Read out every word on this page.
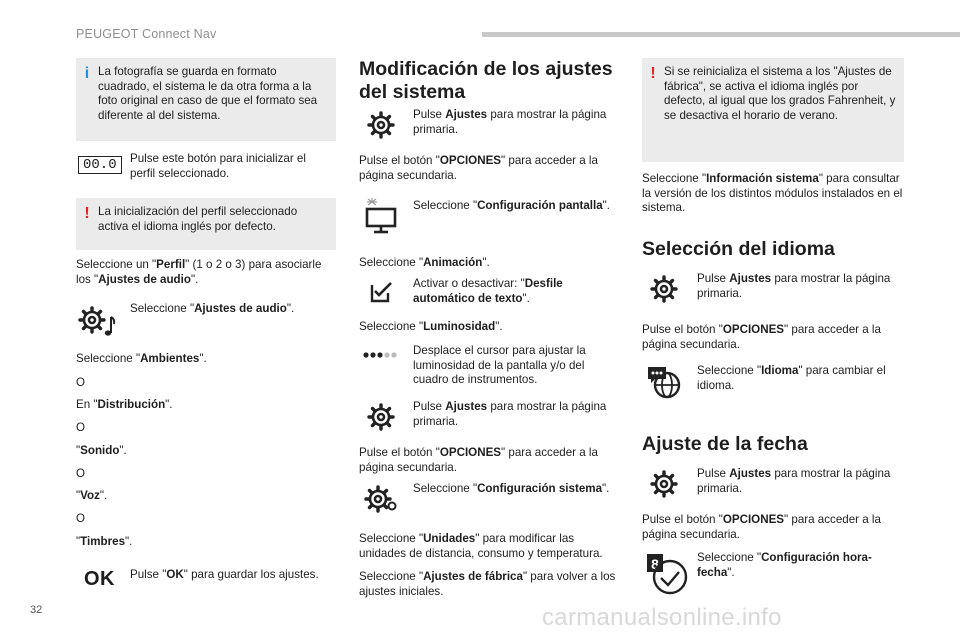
PEUGEOT Connect Nav
32	carmanualsonline.info
i La fotografía se guarda en formato cuadrado, el sistema le da otra forma a la foto original en caso de que el formato sea diferente al del sistema.

00.0	Pulse este botón para inicializar el perfil seleccionado.

! La inicialización del perfil seleccionado activa el idioma inglés por defecto.

Seleccione un "Perfil" (1 o 2 o 3) para asociarle los "Ajustes de audio".

Seleccione "Ajustes de audio".

Seleccione "Ambientes".

O

En "Distribución".

O

"Sonido".

O

"Voz".

O

"Timbres".

OK Pulse "OK" para guardar los ajustes.

Modificación de los ajustes del sistema

Pulse Ajustes para mostrar la página primaria.

Pulse el botón "OPCIONES" para acceder a la página secundaria.

Seleccione "Configuración pantalla".

Seleccione "Animación".

Activar o desactivar: "Desfile automático de texto".

Seleccione "Luminosidad".

Desplace el cursor para ajustar la luminosidad de la pantalla y/o del cuadro de instrumentos.

Pulse Ajustes para mostrar la página primaria.

Pulse el botón "OPCIONES" para acceder a la página secundaria.

Seleccione "Configuración sistema".

Seleccione "Unidades" para modificar las unidades de distancia, consumo y temperatura.

Seleccione "Ajustes de fábrica" para volver a los ajustes iniciales.

! Si se reinicializa el sistema a los "Ajustes de fábrica", se activa el idioma inglés por defecto, al igual que los grados Fahrenheit, y se desactiva el horario de verano.

Seleccione "Información sistema" para consultar la versión de los distintos módulos instalados en el sistema.

Selección del idioma

Pulse Ajustes para mostrar la página primaria.

Pulse el botón "OPCIONES" para acceder a la página secundaria.

Seleccione "Idioma" para cambiar el idioma.

Ajuste de la fecha

Pulse Ajustes para mostrar la página primaria.

Pulse el botón "OPCIONES" para acceder a la página secundaria.

8	Seleccione "Configuración hora-fecha".
